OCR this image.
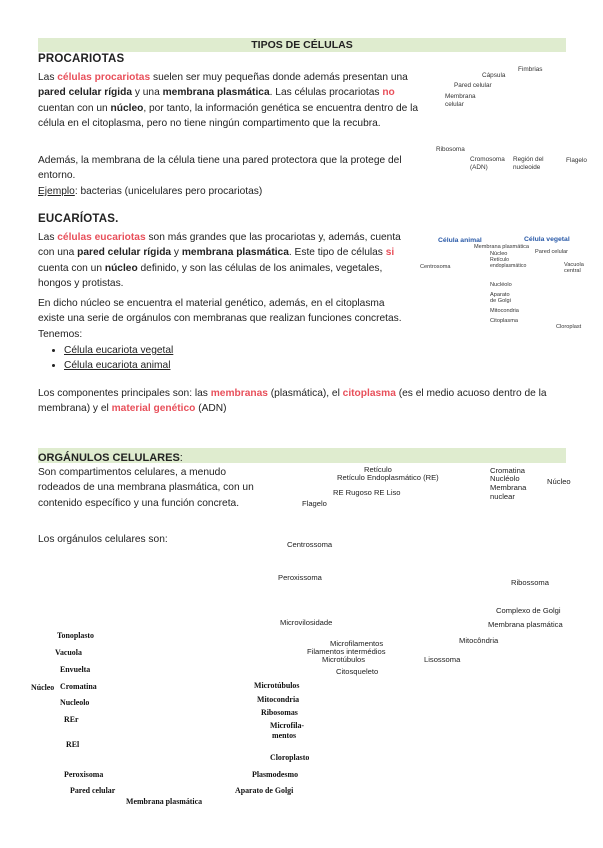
TIPOS DE CÉLULAS
PROCARIOTAS
Las células procariotas suelen ser muy pequeñas donde además presentan una pared celular rígida y una membrana plasmática. Las células procariotas no cuentan con un núcleo, por tanto, la información genética se encuentra dentro de la célula en el citoplasma, pero no tiene ningún compartimento que la recubra.
Además, la membrana de la célula tiene una pared protectora que la protege del entorno.
Ejemplo: bacterias (unicelulares pero procariotas)
Fimbrias
Cápsula
Pared celular
Membrana celular
Flagelo
Ribosoma
Cromosoma (ADN)
Región del nucleoide
EUCARÍOTAS.
Las células eucariotas son más grandes que las procariotas y, además, cuenta con una pared celular rígida y membrana plasmática. Este tipo de células si cuenta con un núcleo definido, y son las células de los animales, vegetales, hongos y protistas.
En dicho núcleo se encuentra el material genético, además, en el citoplasma existe una serie de orgánulos con membranas que realizan funciones concretas. Tenemos:
• Célula eucariota vegetal
• Célula eucariota animal
Los componentes principales son: las membranas (plasmática), el citoplasma (es el medio acuoso dentro de la membrana) y el material genético (ADN)
Célula animal	Célula vegetal
Membrana plasmática
Núcleo
Retículo endoplasmático
Pared celular
Vacuola central
Centrosoma
Nucléolo
Aparato de Golgi
Mitocondria
Citoplasma
Cloroplast
ORGÁNULOS CELULARES:
Son compartimentos celulares, a menudo rodeados de una membrana plasmática, con un contenido específico y una función concreta.
Los orgánulos celulares son:
Retículo
Retículo Endoplasmático (RE)
RE Rugoso RE Liso
Flagelo
Centrossoma
Peroxissoma
Microvilosidade
Microfilamentos
Filamentos intermédios
Microtúbulos
Citosqueleto
Lisossoma
Mitocôndria
Membrana plasmática
Complexo de Golgi
Ribossoma
Cromatina
Nucléolo
Membrana nuclear
Núcleo
Tonoplasto
Vacuola
Envuelta
Cromatina
Nucleolo
Núcleo
REr
REl
Peroxisoma
Pared celular
Membrana plasmática
Microtúbulos
Mitocondria
Ribosomas
Microfila-
mentos
Cloroplasto
Plasmodesmo
Aparato de Golgi
